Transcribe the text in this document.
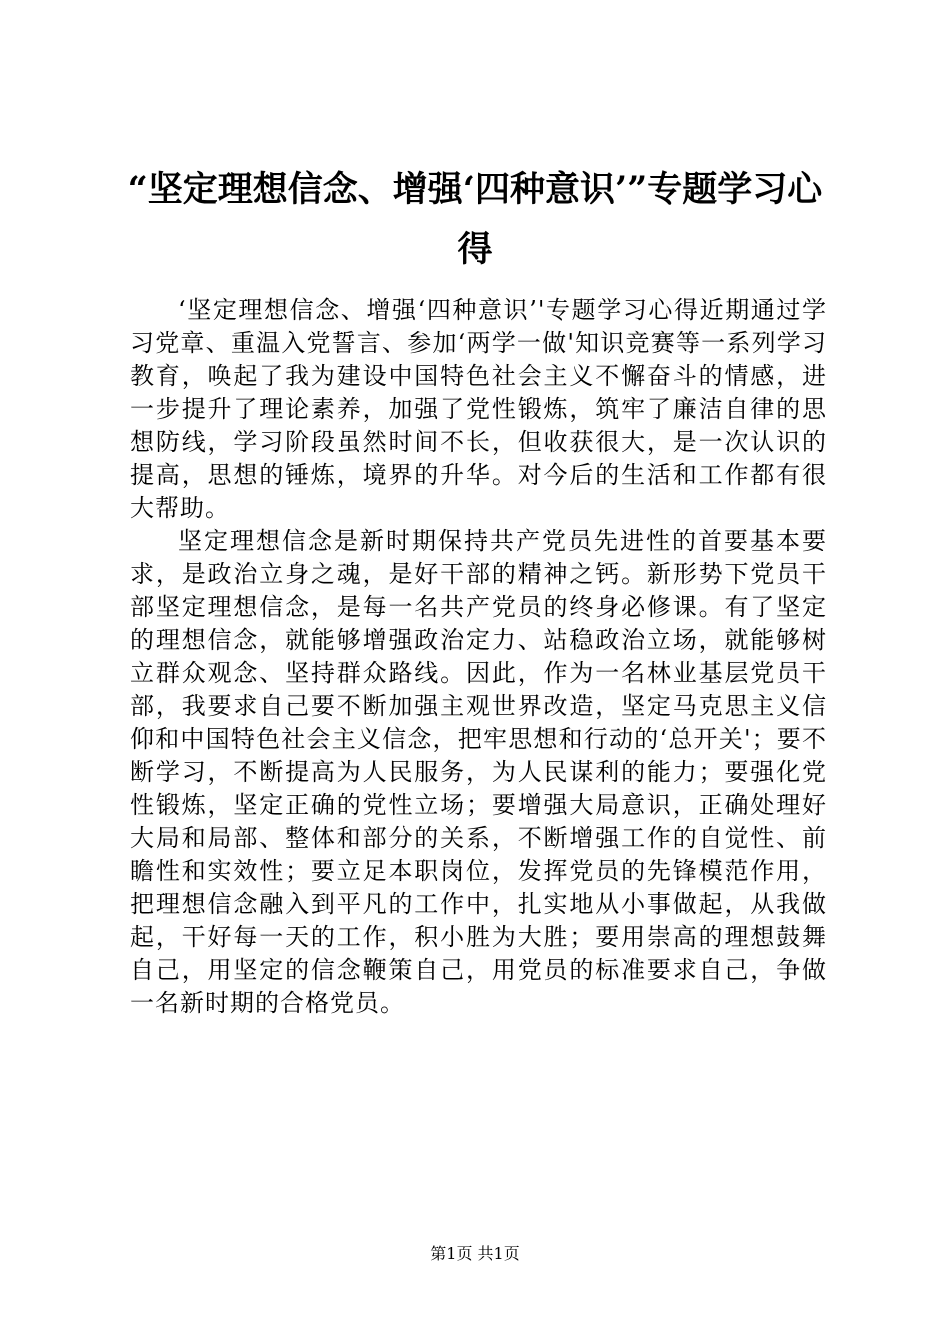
“坚定理想信念、增强‘四种意识’”专题学习心得

‘坚定理想信念、增强‘四种意识’'专题学习心得近期通过学习党章、重温入党誓言、参加‘两学一做'知识竞赛等一系列学习教育，唤起了我为建设中国特色社会主义不懈奋斗的情感，进一步提升了理论素养，加强了党性锻炼，筑牢了廉洁自律的思想防线，学习阶段虽然时间不长，但收获很大，是一次认识的提高，思想的锤炼，境界的升华。对今后的生活和工作都有很大帮助。

坚定理想信念是新时期保持共产党员先进性的首要基本要求，是政治立身之魂，是好干部的精神之钙。新形势下党员干部坚定理想信念，是每一名共产党员的终身必修课。有了坚定的理想信念，就能够增强政治定力、站稳政治立场，就能够树立群众观念、坚持群众路线。因此，作为一名林业基层党员干部，我要求自己要不断加强主观世界改造，坚定马克思主义信仰和中国特色社会主义信念，把牢思想和行动的‘总开关'；要不断学习，不断提高为人民服务，为人民谋利的能力；要强化党性锻炼，坚定正确的党性立场；要增强大局意识，正确处理好大局和局部、整体和部分的关系，不断增强工作的自觉性、前瞻性和实效性；要立足本职岗位，发挥党员的先锋模范作用，把理想信念融入到平凡的工作中，扎实地从小事做起，从我做起，干好每一天的工作，积小胜为大胜；要用崇高的理想鼓舞自己，用坚定的信念鞭策自己，用党员的标准要求自己，争做一名新时期的合格党员。

第1页 共1页
